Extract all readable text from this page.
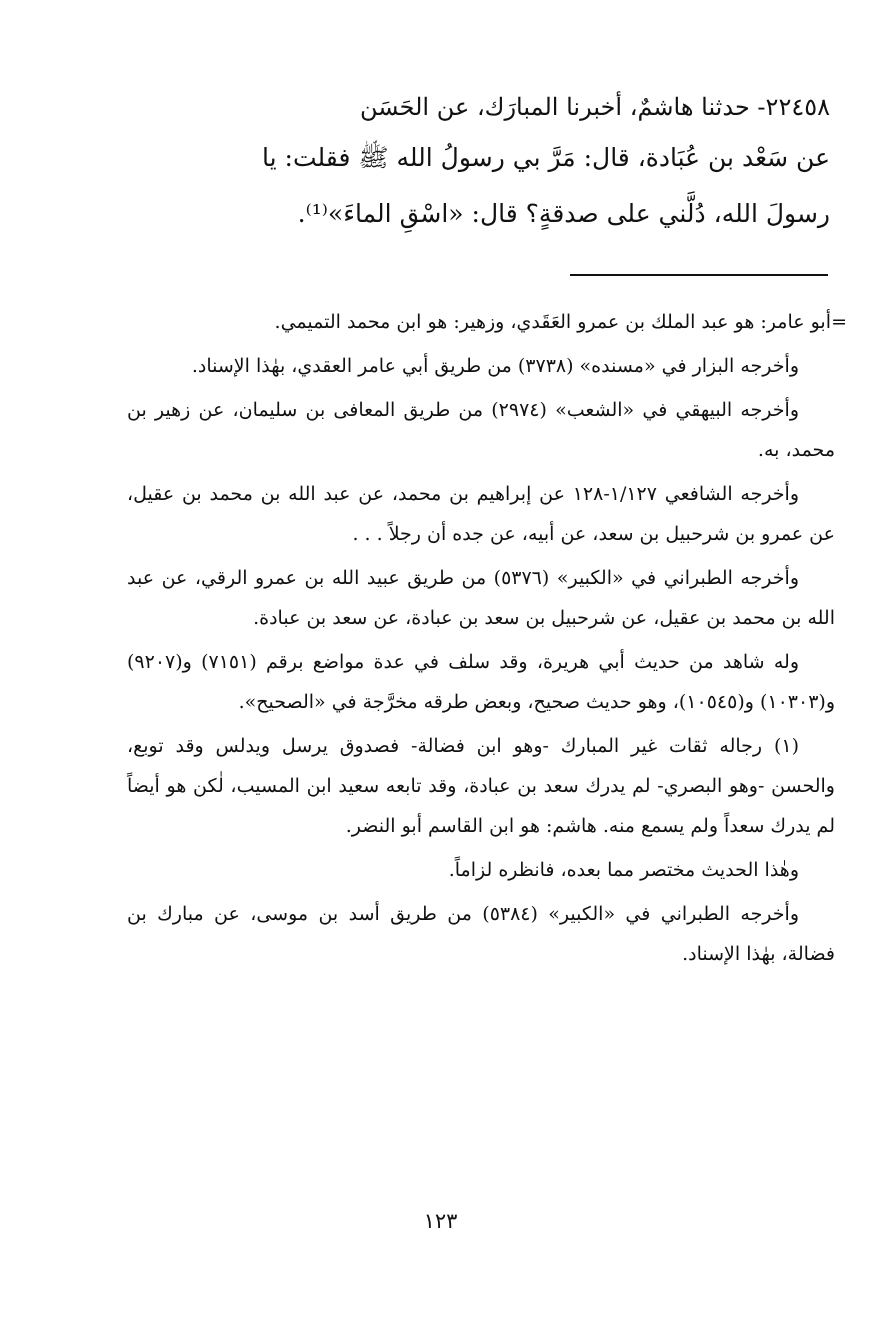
٢٢٤٥٨- حدثنا هاشمٌ، أخبرنا المبارَك، عن الحَسَن

عن سَعْد بن عُبَادة، قال: مَرَّ بي رسولُ الله ﷺ فقلت: يا

رسولَ الله، دُلَّني على صدقةٍ؟ قال: «اسْقِ الماءَ»⁽¹⁾.

=
أبو عامر: هو عبد الملك بن عمرو العَقَدي، وزهير: هو ابن محمد التميمي.

وأخرجه البزار في «مسنده» (٣٧٣٨) من طريق أبي عامر العقدي، بهٰذا الإسناد.

وأخرجه البيهقي في «الشعب» (٢٩٧٤) من طريق المعافى بن سليمان، عن زهير بن محمد، به.

وأخرجه الشافعي ١/١٢٧-١٢٨ عن إبراهيم بن محمد، عن عبد الله بن محمد بن عقيل، عن عمرو بن شرحبيل بن سعد، عن أبيه، عن جده أن رجلاً . . .

وأخرجه الطبراني في «الكبير» (٥٣٧٦) من طريق عبيد الله بن عمرو الرقي، عن عبد الله بن محمد بن عقيل، عن شرحبيل بن سعد بن عبادة، عن سعد بن عبادة.

وله شاهد من حديث أبي هريرة، وقد سلف في عدة مواضع برقم (٧١٥١) و(٩٢٠٧) و(١٠٣٠٣) و(١٠٥٤٥)، وهو حديث صحيح، وبعض طرقه مخرَّجة في «الصحيح».

(١) رجاله ثقات غير المبارك -وهو ابن فضالة- فصدوق يرسل ويدلس وقد توبع، والحسن -وهو البصري- لم يدرك سعد بن عبادة، وقد تابعه سعيد ابن المسيب، لٰكن هو أيضاً لم يدرك سعداً ولم يسمع منه. هاشم: هو ابن القاسم أبو النضر.

وهٰذا الحديث مختصر مما بعده، فانظره لزاماً.

وأخرجه الطبراني في «الكبير» (٥٣٨٤) من طريق أسد بن موسى، عن مبارك بن فضالة، بهٰذا الإسناد.

١٢٣
